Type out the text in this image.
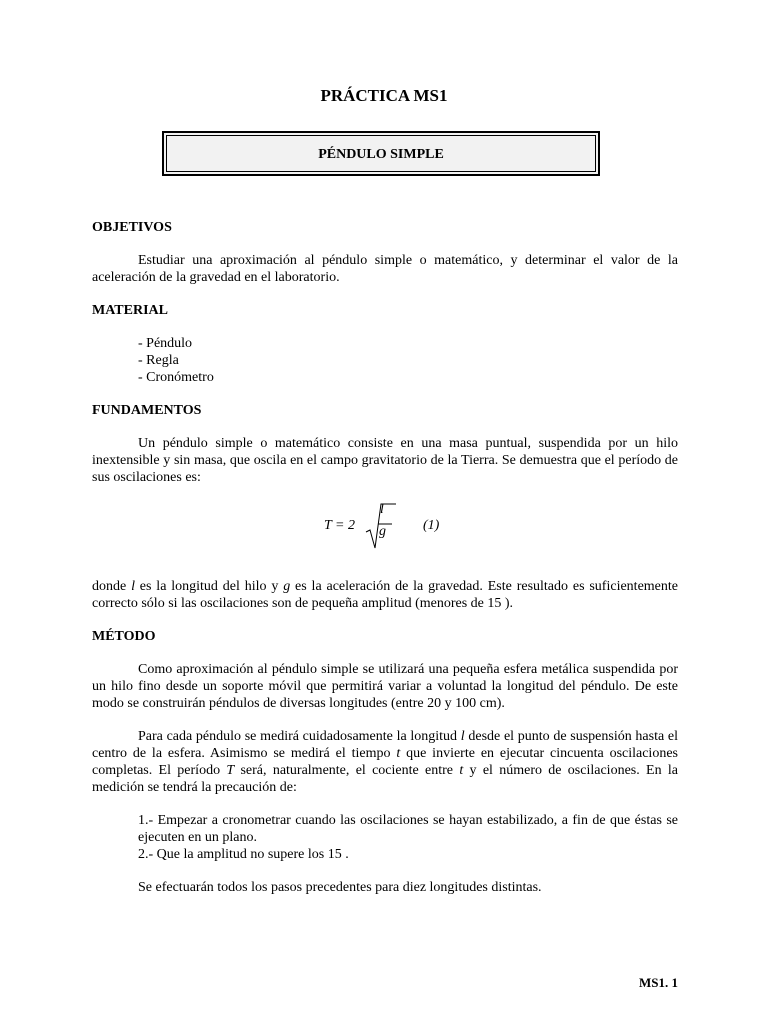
PRÁCTICA MS1
PÉNDULO SIMPLE
OBJETIVOS

Estudiar una aproximación al péndulo simple o matemático, y determinar el valor de la aceleración de la gravedad en el laboratorio.

MATERIAL
- Péndulo
- Regla
- Cronómetro
FUNDAMENTOS

Un péndulo simple o matemático consiste en una masa puntual, suspendida por un hilo inextensible y sin masa, que oscila en el campo gravitatorio de la Tierra. Se demuestra que el período de sus oscilaciones es:

T = 2
l
g	(1)

donde l es la longitud del hilo y g es la aceleración de la gravedad. Este resultado es suficientemente correcto sólo si las oscilaciones son de pequeña amplitud (menores de 15 ).

MÉTODO

Como aproximación al péndulo simple se utilizará una pequeña esfera metálica suspendida por un hilo fino desde un soporte móvil que permitirá variar a voluntad la longitud del péndulo. De este modo se construirán péndulos de diversas longitudes (entre 20 y 100 cm).

Para cada péndulo se medirá cuidadosamente la longitud l desde el punto de suspensión hasta el centro de la esfera. Asimismo se medirá el tiempo t que invierte en ejecutar cincuenta oscilaciones completas. El período T será, naturalmente, el cociente entre t y el número de oscilaciones. En la medición se tendrá la precaución de:

1.- Empezar a cronometrar cuando las oscilaciones se hayan estabilizado, a fin de que éstas se ejecuten en un plano.

2.- Que la amplitud no supere los 15 .

Se efectuarán todos los pasos precedentes para diez longitudes distintas.

MS1. 1
